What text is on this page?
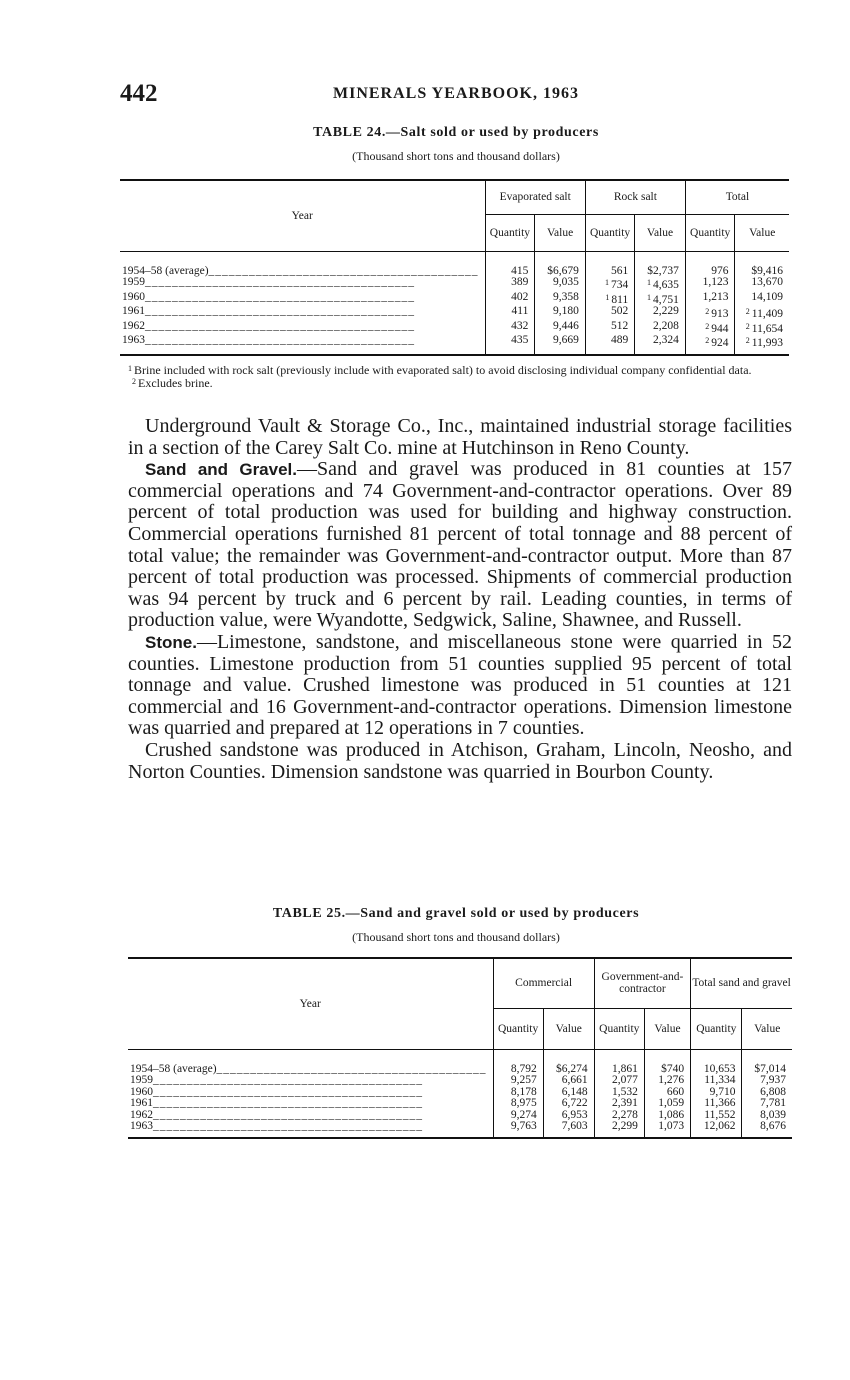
442	MINERALS YEARBOOK, 1963
TABLE 24.—Salt sold or used by producers
(Thousand short tons and thousand dollars)
Year	Evaporated salt		Rock salt		Total	
	Quantity	Value	Quantity	Value	Quantity	Value

1954–58 (average)________________________________________	415	$6,679	561	$2,737	976	$9,416
1959________________________________________	389	9,035	$^1$ 734	$^1$ 4,635	1,123	13,670
1960________________________________________	402	9,358	$^1$ 811	$^1$ 4,751	1,213	14,109
1961________________________________________	411	9,180	502	2,229	$^2$ 913	$^2$ 11,409
1962________________________________________	432	9,446	512	2,208	$^2$ 944	$^2$ 11,654
1963________________________________________	435	9,669	489	2,324	$^2$ 924	$^2$ 11,993

$^1$ Brine included with rock salt (previously include with evaporated salt) to avoid disclosing individual company confidential data.

$^2$ Excludes brine.

Underground Vault & Storage Co., Inc., maintained industrial storage facilities in a section of the Carey Salt Co. mine at Hutchinson in Reno County.

Sand and Gravel.—Sand and gravel was produced in 81 counties at 157 commercial operations and 74 Government-and-contractor operations. Over 89 percent of total production was used for building and highway construction. Commercial operations furnished 81 percent of total tonnage and 88 percent of total value; the remainder was Government-and-contractor output. More than 87 percent of total production was processed. Shipments of commercial production was 94 percent by truck and 6 percent by rail. Leading counties, in terms of production value, were Wyandotte, Sedgwick, Saline, Shawnee, and Russell.

Stone.—Limestone, sandstone, and miscellaneous stone were quarried in 52 counties. Limestone production from 51 counties supplied 95 percent of total tonnage and value. Crushed limestone was produced in 51 counties at 121 commercial and 16 Government-and-contractor operations. Dimension limestone was quarried and prepared at 12 operations in 7 counties.

Crushed sandstone was produced in Atchison, Graham, Lincoln, Neosho, and Norton Counties. Dimension sandstone was quarried in Bourbon County.

TABLE 25.—Sand and gravel sold or used by producers
(Thousand short tons and thousand dollars)
Year	Commercial		Government-and-contractor		Total sand and gravel	
	Quantity	Value	Quantity	Value	Quantity	Value

1954–58 (average)________________________________________	8,792	$6,274	1,861	$740	10,653	$7,014
1959________________________________________	9,257	6,661	2,077	1,276	11,334	7,937
1960________________________________________	8,178	6,148	1,532	660	9,710	6,808
1961________________________________________	8,975	6,722	2,391	1,059	11,366	7,781
1962________________________________________	9,274	6,953	2,278	1,086	11,552	8,039
1963________________________________________	9,763	7,603	2,299	1,073	12,062	8,676
